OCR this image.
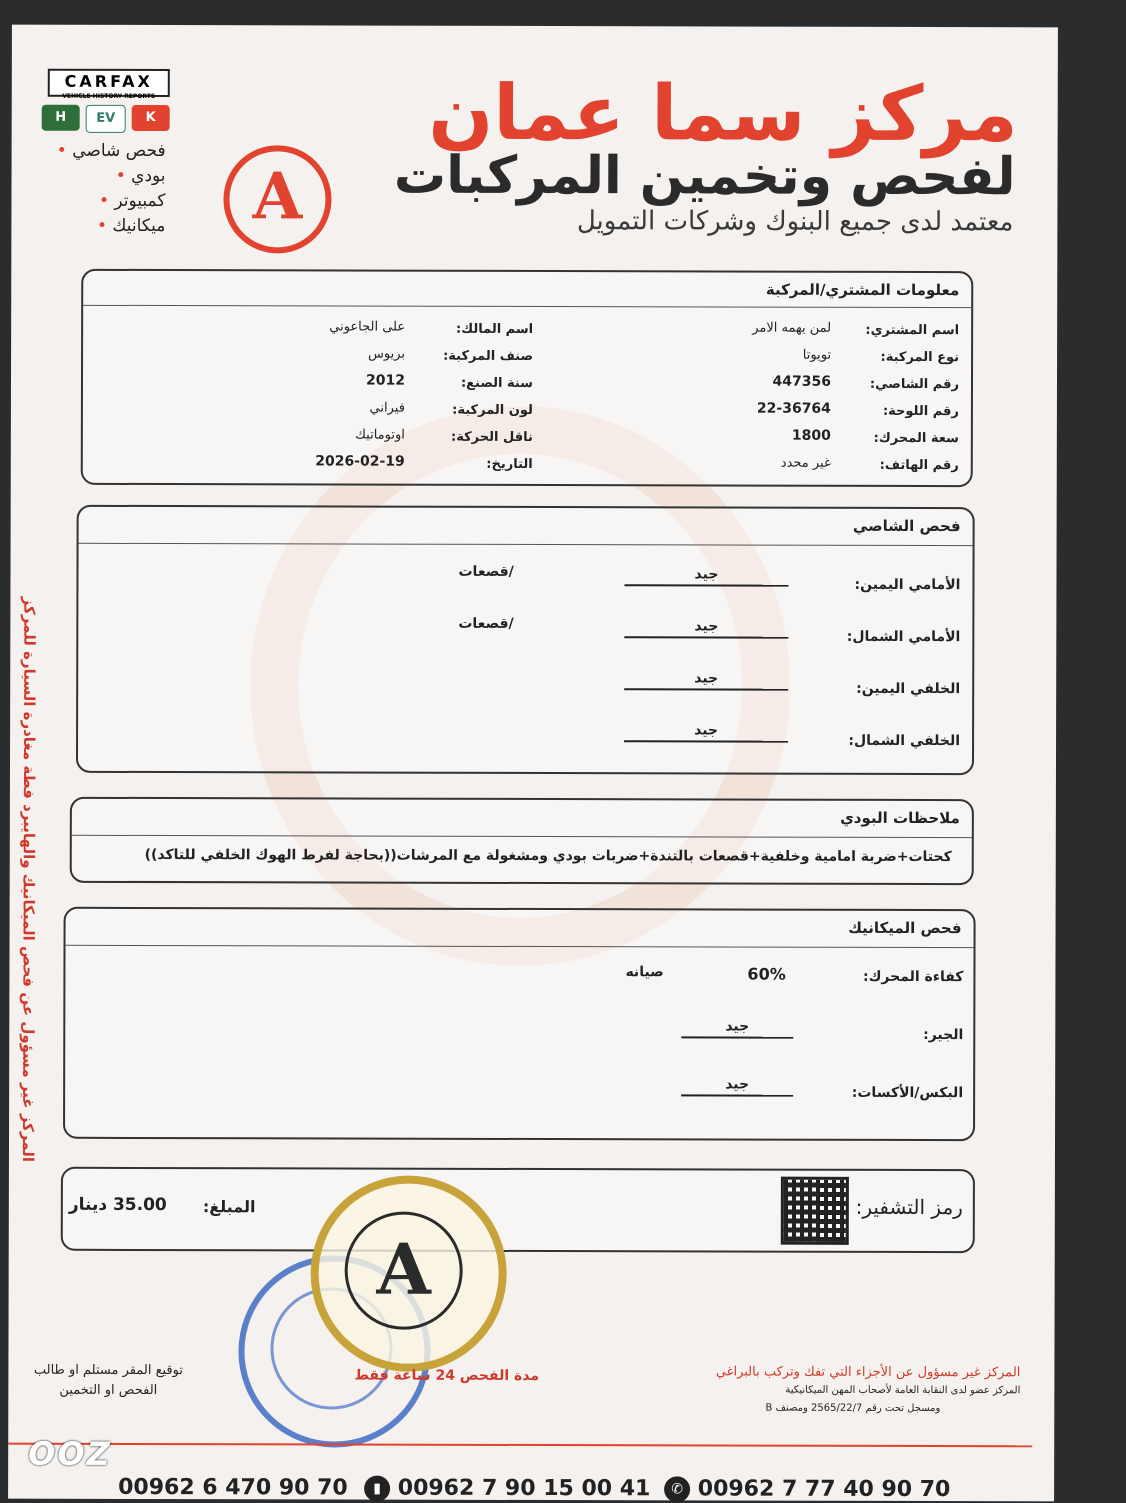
مركز سما عمان
لفحص وتخمين المركبات
معتمد لدى جميع البنوك وشركات التمويل
A
CARFAX
VEHICLE HISTORY REPORTS
H	EV	K
فحص شاصي •
بودي •
كمبيوتر •
ميكانيك •
المركز غير مسؤول عن فحص الميكانيك والهايبرد فطة مغادرة السيارة للمركز
معلومات المشتري/المركبة
اسم المشتري:
لمن يهمه الامر
نوع المركبة:
تويوتا
رقم الشاصي:
447356
رقم اللوحة:
22-36764
سعة المحرك:
1800
رقم الهاتف:
غير محدد
اسم المالك:
على الجاعوني
صنف المركبة:
بريوس
سنة الصنع:
2012
لون المركبة:
فيراني
ناقل الحركة:
اوتوماتيك
التاريخ:
2026-02-19
فحص الشاصي
الأمامي اليمين:
جيد
/قصعات
الأمامي الشمال:
جيد
/قصعات
الخلفي اليمين:
جيد
الخلفي الشمال:
جيد
ملاحظات البودي
كحتات+ضربة امامية وخلفية+قصعات بالتندة+ضربات بودي ومشغولة مع المرشات((بحاجة لفرط الهوك الخلفي للتاكد))
فحص الميكانيك
كفاءة المحرك:
60%
صيانه
الجير:
جيد
البكس/الأكسات:
جيد
رمز التشفير:
المبلغ:
35.00 دينار
A
توقيع المقر مستلم او طالب الفحص او التخمين
مدة الفحص 24 ساعة فقط	المركز غير مسؤول عن الأجزاء التي تفك وتركب بالبراغي
المركز عضو لدى النقابة العامة لأصحاب المهن الميكانيكية
ومسجل تحت رقم 2565/22/7 ومصنف B
00962 6 470 90 70	▮ 00962 7 90 15 00 41	✆ 00962 7 77 40 90 70
OOZ
